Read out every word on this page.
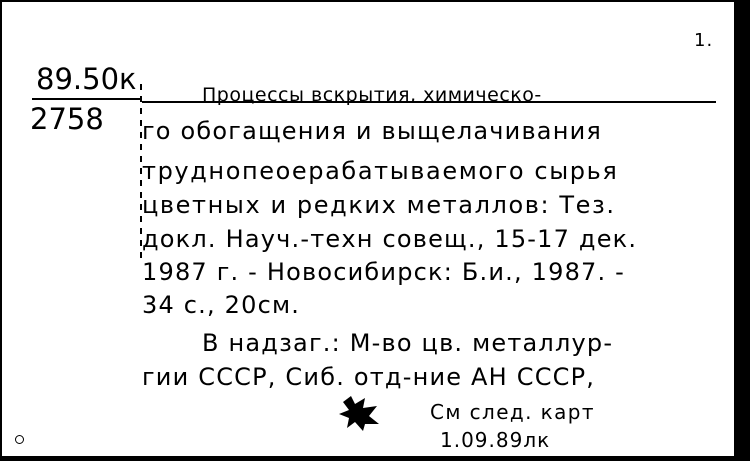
1.
89.50к
2758
Процессы вскрытия, химическо-
го обогащения и выщелачивания
труднопеоерабатываемого сырья
цветных и редких металлов: Тез.
докл. Науч.-техн совещ., 15-17 дек.
1987 г. - Новосибирск: Б.и., 1987. -
34 с., 20см.
В надзаг.: М-во цв. металлур-
гии СССР, Сиб. отд-ние АН СССР,
См след. карт
1.09.89лк
